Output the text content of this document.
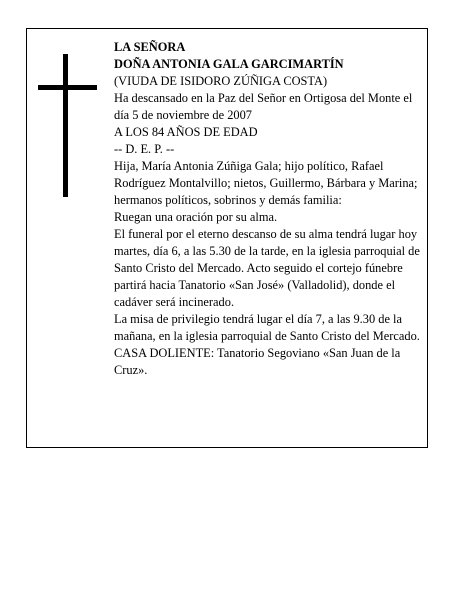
LA SEÑORA

DOÑA ANTONIA GALA GARCIMARTÍN

(VIUDA DE ISIDORO ZÚÑIGA COSTA)

Ha descansado en la Paz del Señor en Ortigosa del Monte el día 5 de noviembre de 2007

A LOS 84 AÑOS DE EDAD

-- D. E. P. --

Hija, María Antonia Zúñiga Gala; hijo político, Rafael Rodríguez Montalvillo; nietos, Guillermo, Bárbara y Marina; hermanos políticos, sobrinos y demás familia:

Ruegan una oración por su alma.

El funeral por el eterno descanso de su alma tendrá lugar hoy martes, día 6, a las 5.30 de la tarde, en la iglesia parroquial de Santo Cristo del Mercado. Acto seguido el cortejo fúnebre partirá hacia Tanatorio «San José» (Valladolid), donde el cadáver será incinerado.

La misa de privilegio tendrá lugar el día 7, a las 9.30 de la mañana, en la iglesia parroquial de Santo Cristo del Mercado.

CASA DOLIENTE: Tanatorio Segoviano «San Juan de la Cruz».
